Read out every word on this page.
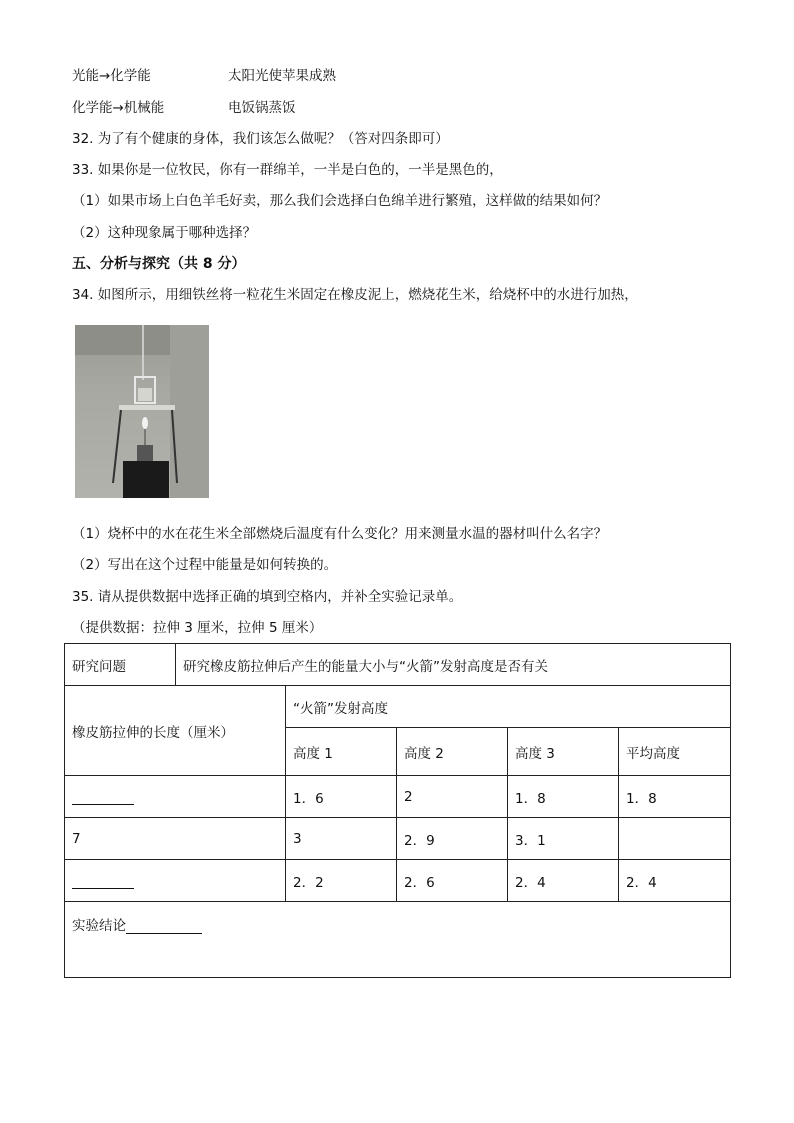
光能→化学能	太阳光使苹果成熟
化学能→机械能	电饭锅蒸饭
32. 为了有个健康的身体，我们该怎么做呢？（答对四条即可）
33. 如果你是一位牧民，你有一群绵羊，一半是白色的，一半是黑色的，
（1）如果市场上白色羊毛好卖，那么我们会选择白色绵羊进行繁殖，这样做的结果如何？
（2）这种现象属于哪种选择？
五、分析与探究（共 8 分）
34. 如图所示，用细铁丝将一粒花生米固定在橡皮泥上，燃烧花生米，给烧杯中的水进行加热，
（1）烧杯中的水在花生米全部燃烧后温度有什么变化？用来测量水温的器材叫什么名字？
（2）写出在这个过程中能量是如何转换的。
35. 请从提供数据中选择正确的填到空格内，并补全实验记录单。
（提供数据：拉伸 3 厘米，拉伸 5 厘米）
研究问题	研究橡皮筋拉伸后产生的能量大小与“火箭”发射高度是否有关				
橡皮筋拉伸的长度（厘米）		“火箭”发射高度			
		高度 1	高度 2	高度 3	平均高度
		1．6	2	1．8	1．8
7		3	2．9	3．1	
		2．2	2．6	2．4	2．4
实验结论					
